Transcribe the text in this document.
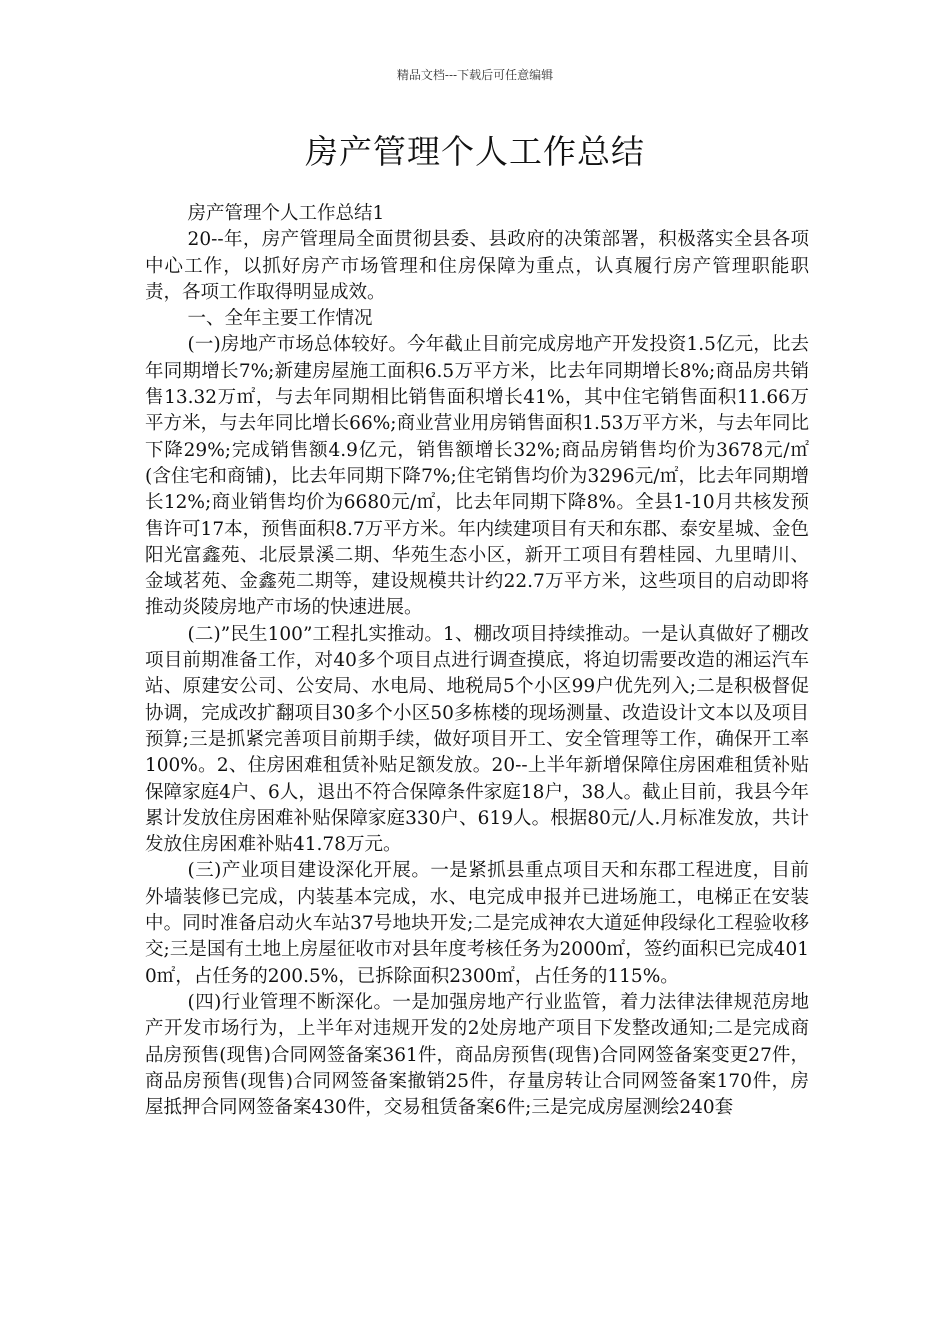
精品文档---下载后可任意编辑
房产管理个人工作总结

房产管理个人工作总结1

20--年，房产管理局全面贯彻县委、县政府的决策部署，积极落实全县各项中心工作，以抓好房产市场管理和住房保障为重点，认真履行房产管理职能职责，各项工作取得明显成效。

一、全年主要工作情况

(一)房地产市场总体较好。今年截止目前完成房地产开发投资1.5亿元，比去年同期增长7%;新建房屋施工面积6.5万平方米，比去年同期增长8%;商品房共销售13.32万㎡，与去年同期相比销售面积增长41%，其中住宅销售面积11.66万平方米，与去年同比增长66%;商业营业用房销售面积1.53万平方米，与去年同比下降29%;完成销售额4.9亿元，销售额增长32%;商品房销售均价为3678元/㎡(含住宅和商铺)，比去年同期下降7%;住宅销售均价为3296元/㎡，比去年同期增长12%;商业销售均价为6680元/㎡，比去年同期下降8%。全县1-10月共核发预售许可17本，预售面积8.7万平方米。年内续建项目有天和东郡、泰安星城、金色阳光富鑫苑、北辰景溪二期、华苑生态小区，新开工项目有碧桂园、九里晴川、金域茗苑、金鑫苑二期等，建设规模共计约22.7万平方米，这些项目的启动即将推动炎陵房地产市场的快速进展。

(二)”民生100”工程扎实推动。1、棚改项目持续推动。一是认真做好了棚改项目前期准备工作，对40多个项目点进行调查摸底，将迫切需要改造的湘运汽车站、原建安公司、公安局、水电局、地税局5个小区99户优先列入;二是积极督促协调，完成改扩翻项目30多个小区50多栋楼的现场测量、改造设计文本以及项目预算;三是抓紧完善项目前期手续，做好项目开工、安全管理等工作，确保开工率100%。2、住房困难租赁补贴足额发放。20--上半年新增保障住房困难租赁补贴保障家庭4户、6人，退出不符合保障条件家庭18户，38人。截止目前，我县今年累计发放住房困难补贴保障家庭330户、619人。根据80元/人.月标准发放，共计发放住房困难补贴41.78万元。

(三)产业项目建设深化开展。一是紧抓县重点项目天和东郡工程进度，目前外墙装修已完成，内装基本完成，水、电完成申报并已进场施工，电梯正在安装中。同时准备启动火车站37号地块开发;二是完成神农大道延伸段绿化工程验收移交;三是国有土地上房屋征收市对县年度考核任务为2000㎡，签约面积已完成4010㎡，占任务的200.5%，已拆除面积2300㎡，占任务的115%。

(四)行业管理不断深化。一是加强房地产行业监管，着力法律法律规范房地产开发市场行为，上半年对违规开发的2处房地产项目下发整改通知;二是完成商品房预售(现售)合同网签备案361件，商品房预售(现售)合同网签备案变更27件，商品房预售(现售)合同网签备案撤销25件，存量房转让合同网签备案170件，房屋抵押合同网签备案430件，交易租赁备案6件;三是完成房屋测绘240套
